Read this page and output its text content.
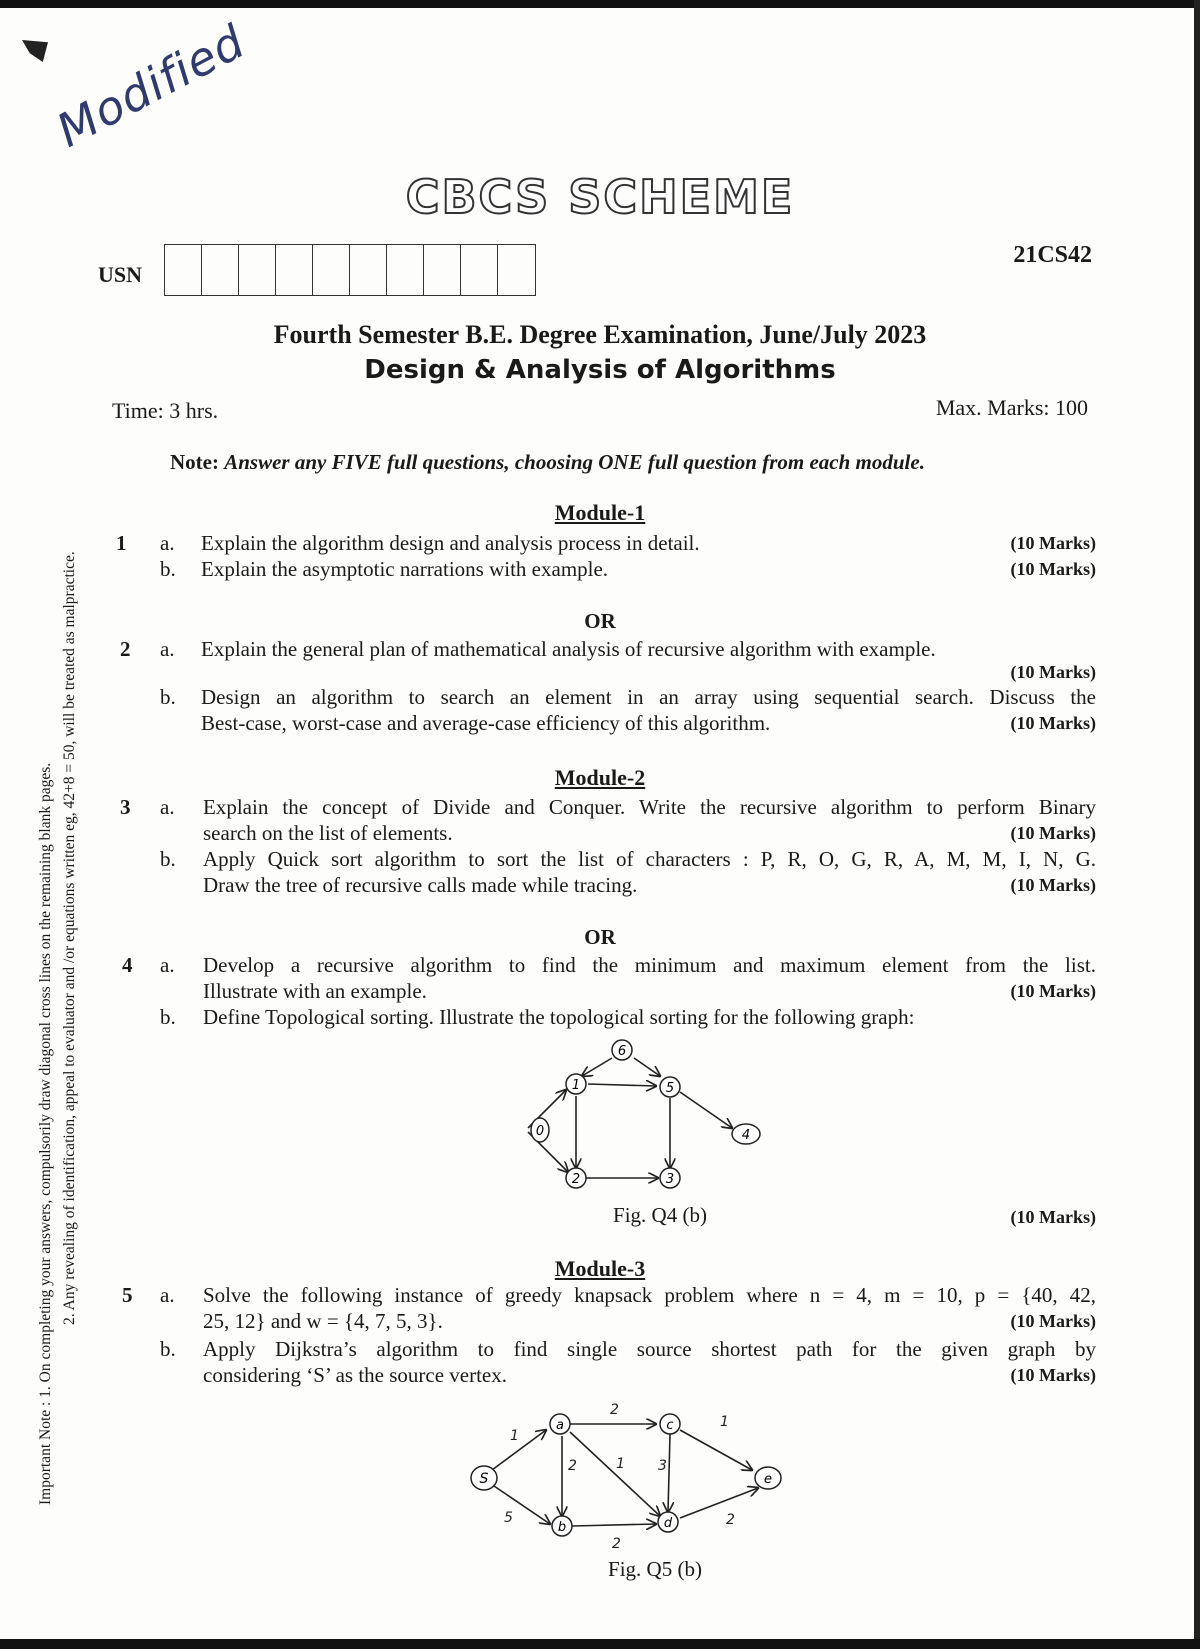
Modified
CBCS SCHEME
USN
21CS42
Fourth Semester B.E. Degree Examination, June/July 2023
Design & Analysis of Algorithms
Time: 3 hrs.	Max. Marks: 100
Note: Answer any FIVE full questions, choosing ONE full question from each module.
Important Note : 1. On completing your answers, compulsorily draw diagonal cross lines on the remaining blank pages. 2. Any revealing of identification, appeal to evaluator and /or equations written eg, 42+8 = 50, will be treated as malpractice.
Module-1
1 a. Explain the algorithm design and analysis process in detail.	(10 Marks)
b. Explain the asymptotic narrations with example.	(10 Marks)
OR
2 a. Explain the general plan of mathematical analysis of recursive algorithm with example.
(10 Marks)
b. Design an algorithm to search an element in an array using sequential search. Discuss the
Best-case, worst-case and average-case efficiency of this algorithm.	(10 Marks)
Module-2
3 a. Explain the concept of Divide and Conquer. Write the recursive algorithm to perform Binary
search on the list of elements.	(10 Marks)
b. Apply Quick sort algorithm to sort the list of characters : P, R, O, G, R, A, M, M, I, N, G.
Draw the tree of recursive calls made while tracing.	(10 Marks)
OR
4 a. Develop a recursive algorithm to find the minimum and maximum element from the list.
Illustrate with an example.	(10 Marks)
b. Define Topological sorting. Illustrate the topological sorting for the following graph:
6
1	5
0	4
2	3
Fig. Q4 (b)	(10 Marks)
Module-3
5 a. Solve the following instance of greedy knapsack problem where n = 4, m = 10, p = {40, 42,
25, 12} and w = {4, 7, 5, 3}.	(10 Marks)
b. Apply Dijkstra’s algorithm to find single source shortest path for the given graph by
considering ‘S’ as the source vertex.	(10 Marks)
S
a
b
c
d
e
1
5
2
2
1 3
1
2
2
Fig. Q5 (b)
